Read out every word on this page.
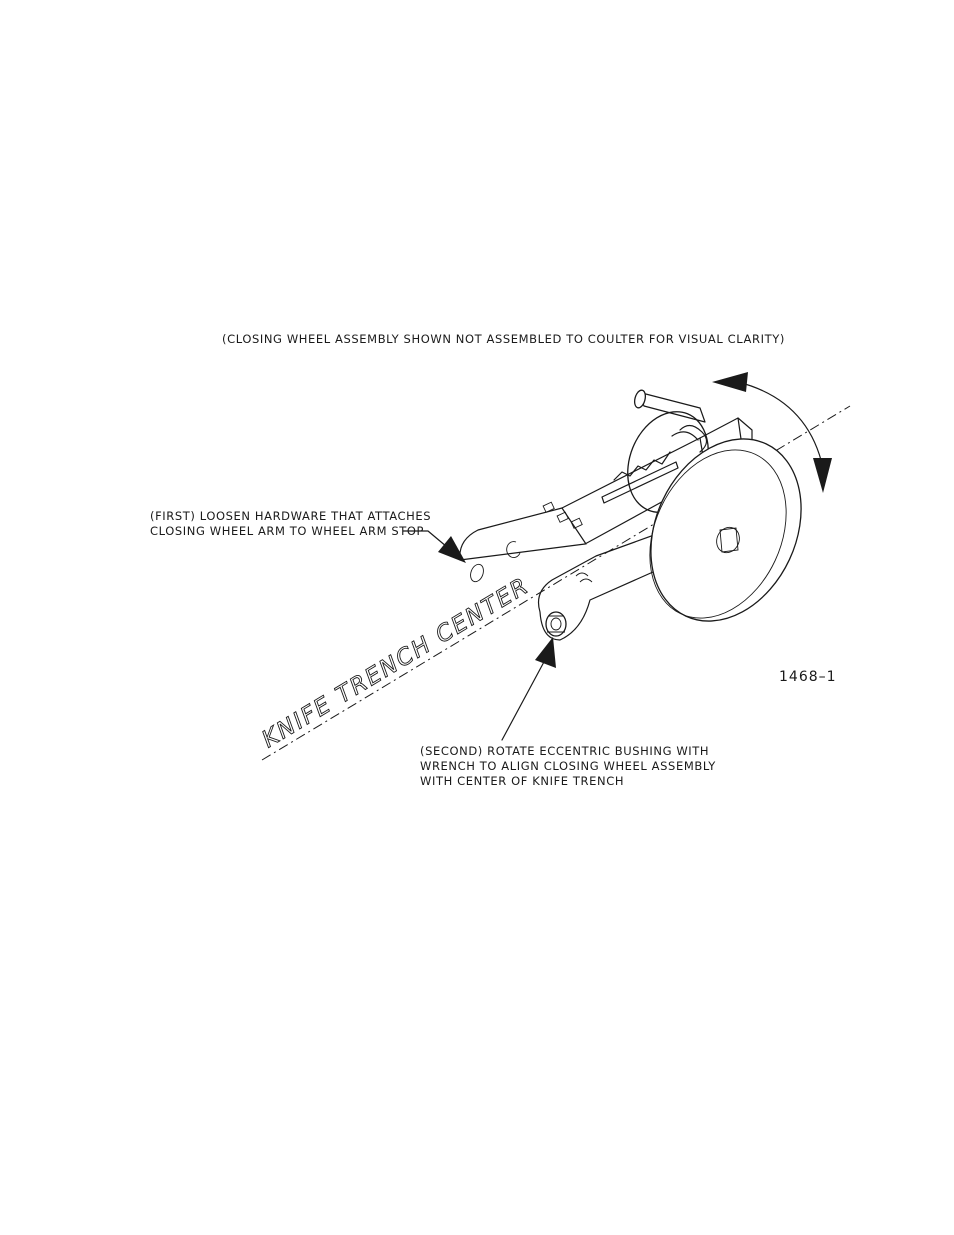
(CLOSING WHEEL ASSEMBLY SHOWN NOT ASSEMBLED TO COULTER FOR VISUAL CLARITY)
(FIRST) LOOSEN HARDWARE THAT ATTACHES
CLOSING WHEEL ARM TO WHEEL ARM STOP
KNIFE TRENCH CENTER	1468–1
(SECOND) ROTATE ECCENTRIC BUSHING WITH
WRENCH TO ALIGN CLOSING WHEEL ASSEMBLY
WITH CENTER OF KNIFE TRENCH
